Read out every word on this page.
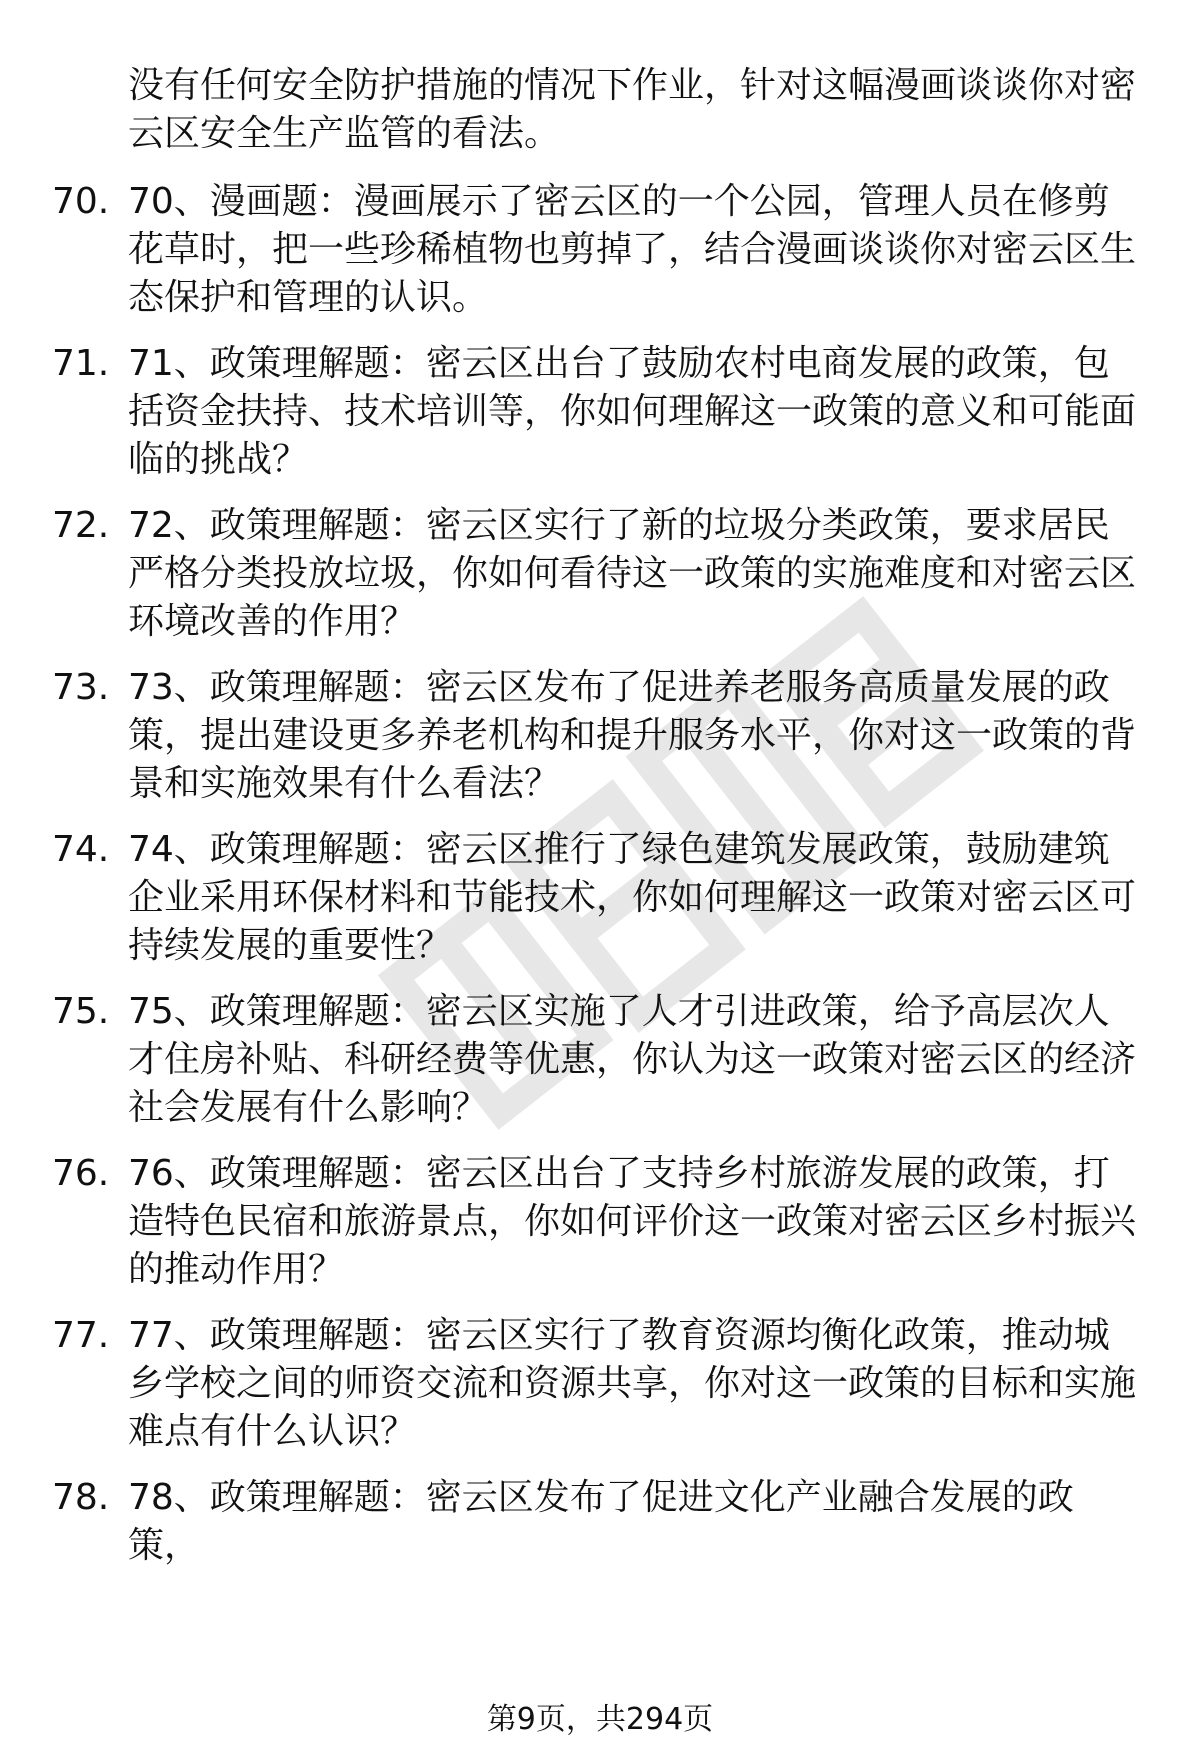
没有任何安全防护措施的情况下作业，针对这幅漫画谈谈你对密云区安全生产监管的看法。

70. 70、漫画题：漫画展示了密云区的一个公园，管理人员在修剪花草时，把一些珍稀植物也剪掉了，结合漫画谈谈你对密云区生态保护和管理的认识。

71. 71、政策理解题：密云区出台了鼓励农村电商发展的政策，包括资金扶持、技术培训等，你如何理解这一政策的意义和可能面临的挑战？

72. 72、政策理解题：密云区实行了新的垃圾分类政策，要求居民严格分类投放垃圾，你如何看待这一政策的实施难度和对密云区环境改善的作用？

73. 73、政策理解题：密云区发布了促进养老服务高质量发展的政策，提出建设更多养老机构和提升服务水平，你对这一政策的背景和实施效果有什么看法？

74. 74、政策理解题：密云区推行了绿色建筑发展政策，鼓励建筑企业采用环保材料和节能技术，你如何理解这一政策对密云区可持续发展的重要性？

75. 75、政策理解题：密云区实施了人才引进政策，给予高层次人才住房补贴、科研经费等优惠，你认为这一政策对密云区的经济社会发展有什么影响？

76. 76、政策理解题：密云区出台了支持乡村旅游发展的政策，打造特色民宿和旅游景点，你如何评价这一政策对密云区乡村振兴的推动作用？

77. 77、政策理解题：密云区实行了教育资源均衡化政策，推动城乡学校之间的师资交流和资源共享，你对这一政策的目标和实施难点有什么认识？

78. 78、政策理解题：密云区发布了促进文化产业融合发展的政策，

第9页，共294页
